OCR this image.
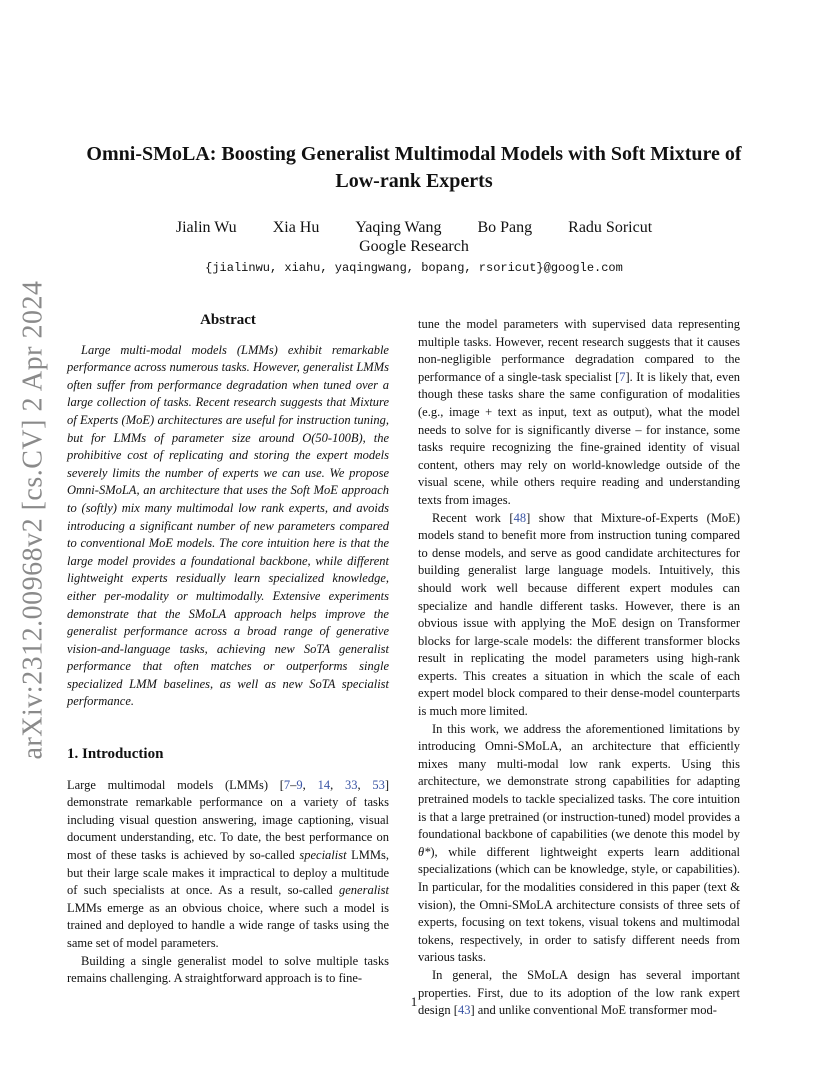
arXiv:2312.00968v2 [cs.CV] 2 Apr 2024
Omni-SMoLA: Boosting Generalist Multimodal Models with Soft Mixture of
Low-rank Experts
Jialin Wu Xia Hu Yaqing Wang Bo Pang Radu Soricut
Google Research
{jialinwu, xiahu, yaqingwang, bopang, rsoricut}@google.com
Abstract

Large multi-modal models (LMMs) exhibit remarkable performance across numerous tasks. However, generalist LMMs often suffer from performance degradation when tuned over a large collection of tasks. Recent research suggests that Mixture of Experts (MoE) architectures are useful for instruction tuning, but for LMMs of parameter size around O(50-100B), the prohibitive cost of replicating and storing the expert models severely limits the number of experts we can use. We propose Omni-SMoLA, an architecture that uses the Soft MoE approach to (softly) mix many multimodal low rank experts, and avoids introducing a significant number of new parameters compared to conventional MoE models. The core intuition here is that the large model provides a foundational backbone, while different lightweight experts residually learn specialized knowledge, either per-modality or multimodally. Extensive experiments demonstrate that the SMoLA approach helps improve the generalist performance across a broad range of generative vision-and-language tasks, achieving new SoTA generalist performance that often matches or outperforms single specialized LMM baselines, as well as new SoTA specialist performance.

1. Introduction

Large multimodal models (LMMs) [7–9, 14, 33, 53] demonstrate remarkable performance on a variety of tasks including visual question answering, image captioning, visual document understanding, etc. To date, the best performance on most of these tasks is achieved by so-called specialist LMMs, but their large scale makes it impractical to deploy a multitude of such specialists at once. As a result, so-called generalist LMMs emerge as an obvious choice, where such a model is trained and deployed to handle a wide range of tasks using the same set of model parameters.

Building a single generalist model to solve multiple tasks remains challenging. A straightforward approach is to fine-

tune the model parameters with supervised data representing multiple tasks. However, recent research suggests that it causes non-negligible performance degradation compared to the performance of a single-task specialist [7]. It is likely that, even though these tasks share the same configuration of modalities (e.g., image + text as input, text as output), what the model needs to solve for is significantly diverse – for instance, some tasks require recognizing the fine-grained identity of visual content, others may rely on world-knowledge outside of the visual scene, while others require reading and understanding texts from images.

Recent work [48] show that Mixture-of-Experts (MoE) models stand to benefit more from instruction tuning compared to dense models, and serve as good candidate architectures for building generalist large language models. Intuitively, this should work well because different expert modules can specialize and handle different tasks. However, there is an obvious issue with applying the MoE design on Transformer blocks for large-scale models: the different transformer blocks result in replicating the model parameters using high-rank experts. This creates a situation in which the scale of each expert model block compared to their dense-model counterparts is much more limited.

In this work, we address the aforementioned limitations by introducing Omni-SMoLA, an architecture that efficiently mixes many multi-modal low rank experts. Using this architecture, we demonstrate strong capabilities for adapting pretrained models to tackle specialized tasks. The core intuition is that a large pretrained (or instruction-tuned) model provides a foundational backbone of capabilities (we denote this model by θ*), while different lightweight experts learn additional specializations (which can be knowledge, style, or capabilities). In particular, for the modalities considered in this paper (text & vision), the Omni-SMoLA architecture consists of three sets of experts, focusing on text tokens, visual tokens and multimodal tokens, respectively, in order to satisfy different needs from various tasks.

In general, the SMoLA design has several important properties. First, due to its adoption of the low rank expert design [43] and unlike conventional MoE transformer mod-

1
